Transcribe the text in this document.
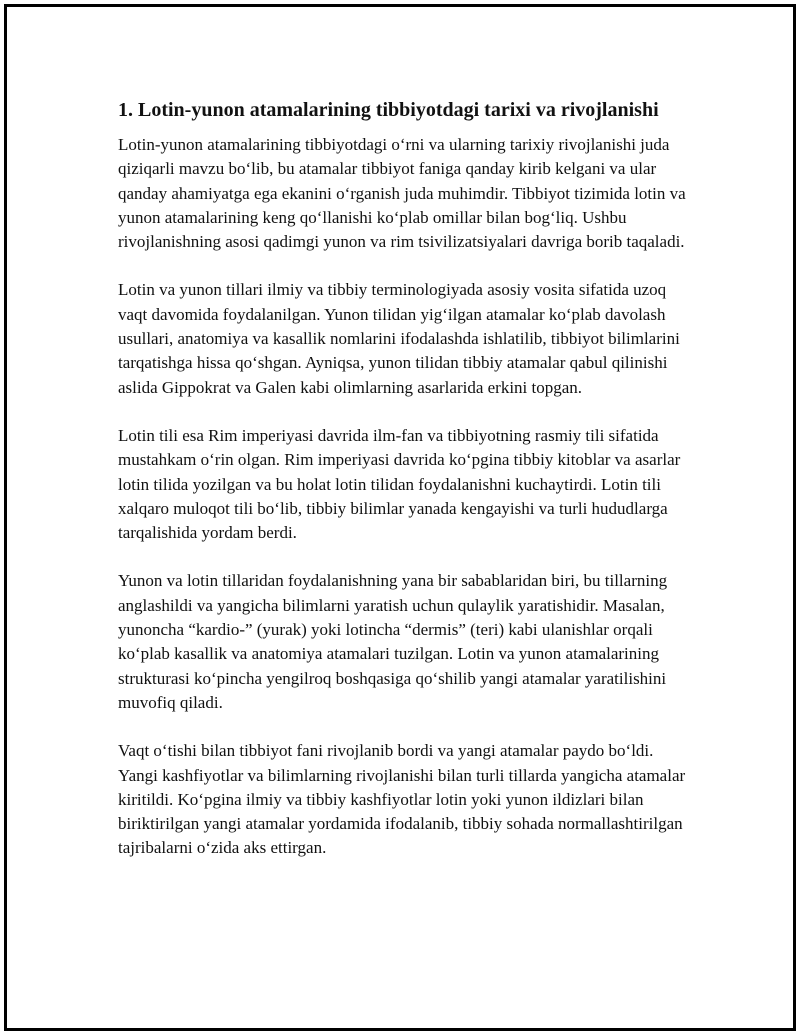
1. Lotin-yunon atamalarining tibbiyotdagi tarixi va rivojlanishi

Lotin-yunon atamalarining tibbiyotdagi o‘rni va ularning tarixiy rivojlanishi juda qiziqarli mavzu bo‘lib, bu atamalar tibbiyot faniga qanday kirib kelgani va ular qanday ahamiyatga ega ekanini o‘rganish juda muhimdir. Tibbiyot tizimida lotin va yunon atamalarining keng qo‘llanishi ko‘plab omillar bilan bog‘liq. Ushbu rivojlanishning asosi qadimgi yunon va rim tsivilizatsiyalari davriga borib taqaladi.

Lotin va yunon tillari ilmiy va tibbiy terminologiyada asosiy vosita sifatida uzoq vaqt davomida foydalanilgan. Yunon tilidan yig‘ilgan atamalar ko‘plab davolash usullari, anatomiya va kasallik nomlarini ifodalashda ishlatilib, tibbiyot bilimlarini tarqatishga hissa qo‘shgan. Ayniqsa, yunon tilidan tibbiy atamalar qabul qilinishi aslida Gippokrat va Galen kabi olimlarning asarlarida erkini topgan.

Lotin tili esa Rim imperiyasi davrida ilm-fan va tibbiyotning rasmiy tili sifatida mustahkam o‘rin olgan. Rim imperiyasi davrida ko‘pgina tibbiy kitoblar va asarlar lotin tilida yozilgan va bu holat lotin tilidan foydalanishni kuchaytirdi. Lotin tili xalqaro muloqot tili bo‘lib, tibbiy bilimlar yanada kengayishi va turli hududlarga tarqalishida yordam berdi.

Yunon va lotin tillaridan foydalanishning yana bir sabablaridan biri, bu tillarning anglashildi va yangicha bilimlarni yaratish uchun qulaylik yaratishidir. Masalan, yunoncha “kardio-” (yurak) yoki lotincha “dermis” (teri) kabi ulanishlar orqali ko‘plab kasallik va anatomiya atamalari tuzilgan. Lotin va yunon atamalarining strukturasi ko‘pincha yengilroq boshqasiga qo‘shilib yangi atamalar yaratilishini muvofiq qiladi.

Vaqt o‘tishi bilan tibbiyot fani rivojlanib bordi va yangi atamalar paydo bo‘ldi. Yangi kashfiyotlar va bilimlarning rivojlanishi bilan turli tillarda yangicha atamalar kiritildi. Ko‘pgina ilmiy va tibbiy kashfiyotlar lotin yoki yunon ildizlari bilan biriktirilgan yangi atamalar yordamida ifodalanib, tibbiy sohada normallashtirilgan tajribalarni o‘zida aks ettirgan.
